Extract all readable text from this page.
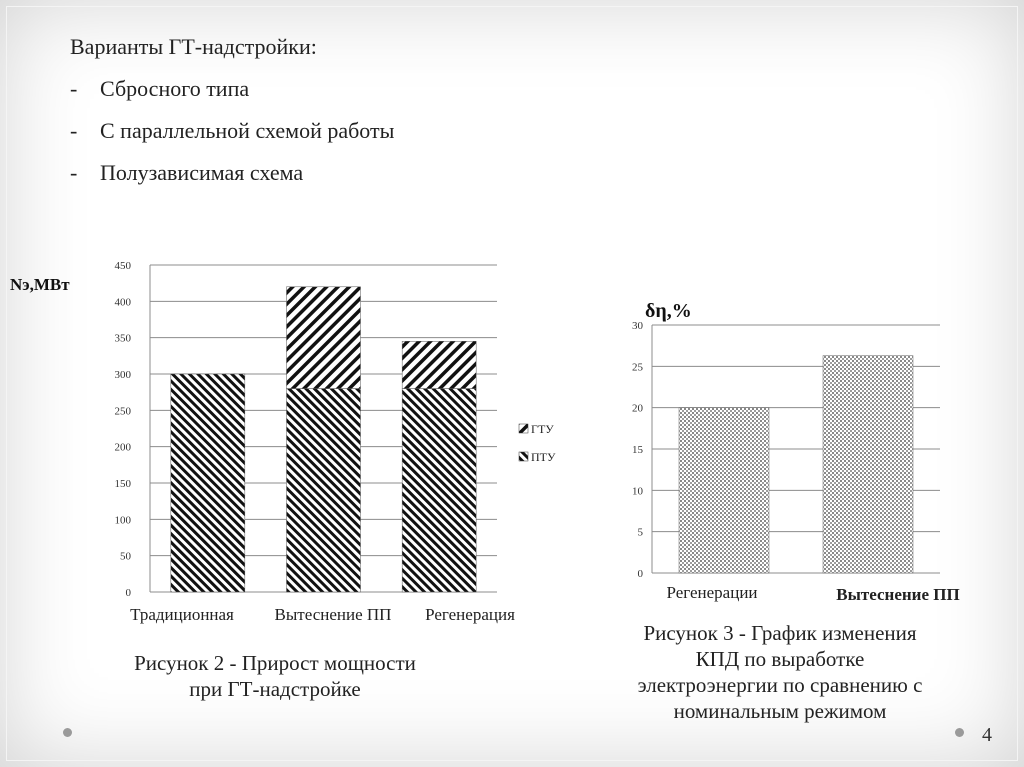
Варианты ГТ-надстройки:
- Сбросного типа
- С параллельной схемой работы
- Полузависимая схема
0
50
100
150
200
250
300
350
400
450
Традиционная Вытеснение ПП Регенерация
Nэ,МВт
ГТУ
ПТУ
0
5
10
15
20
25
30
Регенерации	Вытеснение ПП
δη,%
Рисунок 2 - Прирост мощности
при ГТ-надстройке
Рисунок 3 - График изменения
КПД по выработке
электроэнергии по сравнению с
номинальным режимом
4
